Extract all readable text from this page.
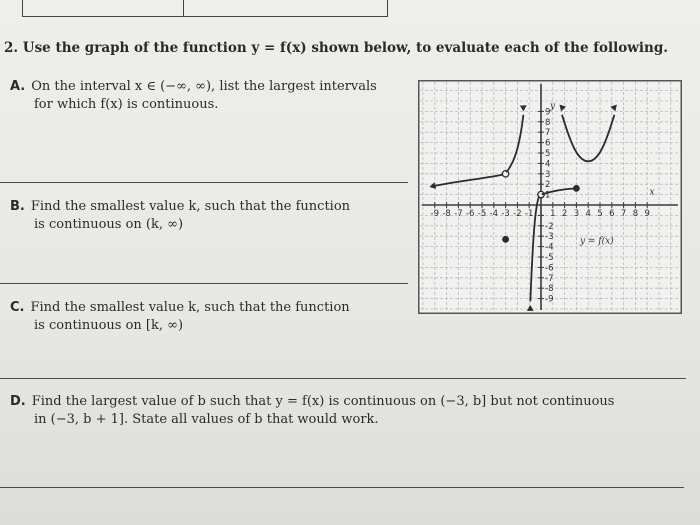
2. Use the graph of the function y = f(x) shown below, to evaluate each of the following.
A. On the interval x ∈ (−∞, ∞), list the largest intervals
for which f(x) is continuous.
B. Find the smallest value k, such that the function
is continuous on (k, ∞)
C. Find the smallest value k, such that the function
is continuous on [k, ∞)
D. Find the largest value of b such that y = f(x) is continuous on (−3, b] but not continuous
in (−3, b + 1]. State all values of b that would work.
-9 -8 -7 -6 -5 -4 -3 -2 -1 1 2 3 4 5 6 7 8 9
9
8
7
6
5
4
3
2
1
-2
-3
-4
-5
-6
-7
-8
-9
y
x
y = f(x)
